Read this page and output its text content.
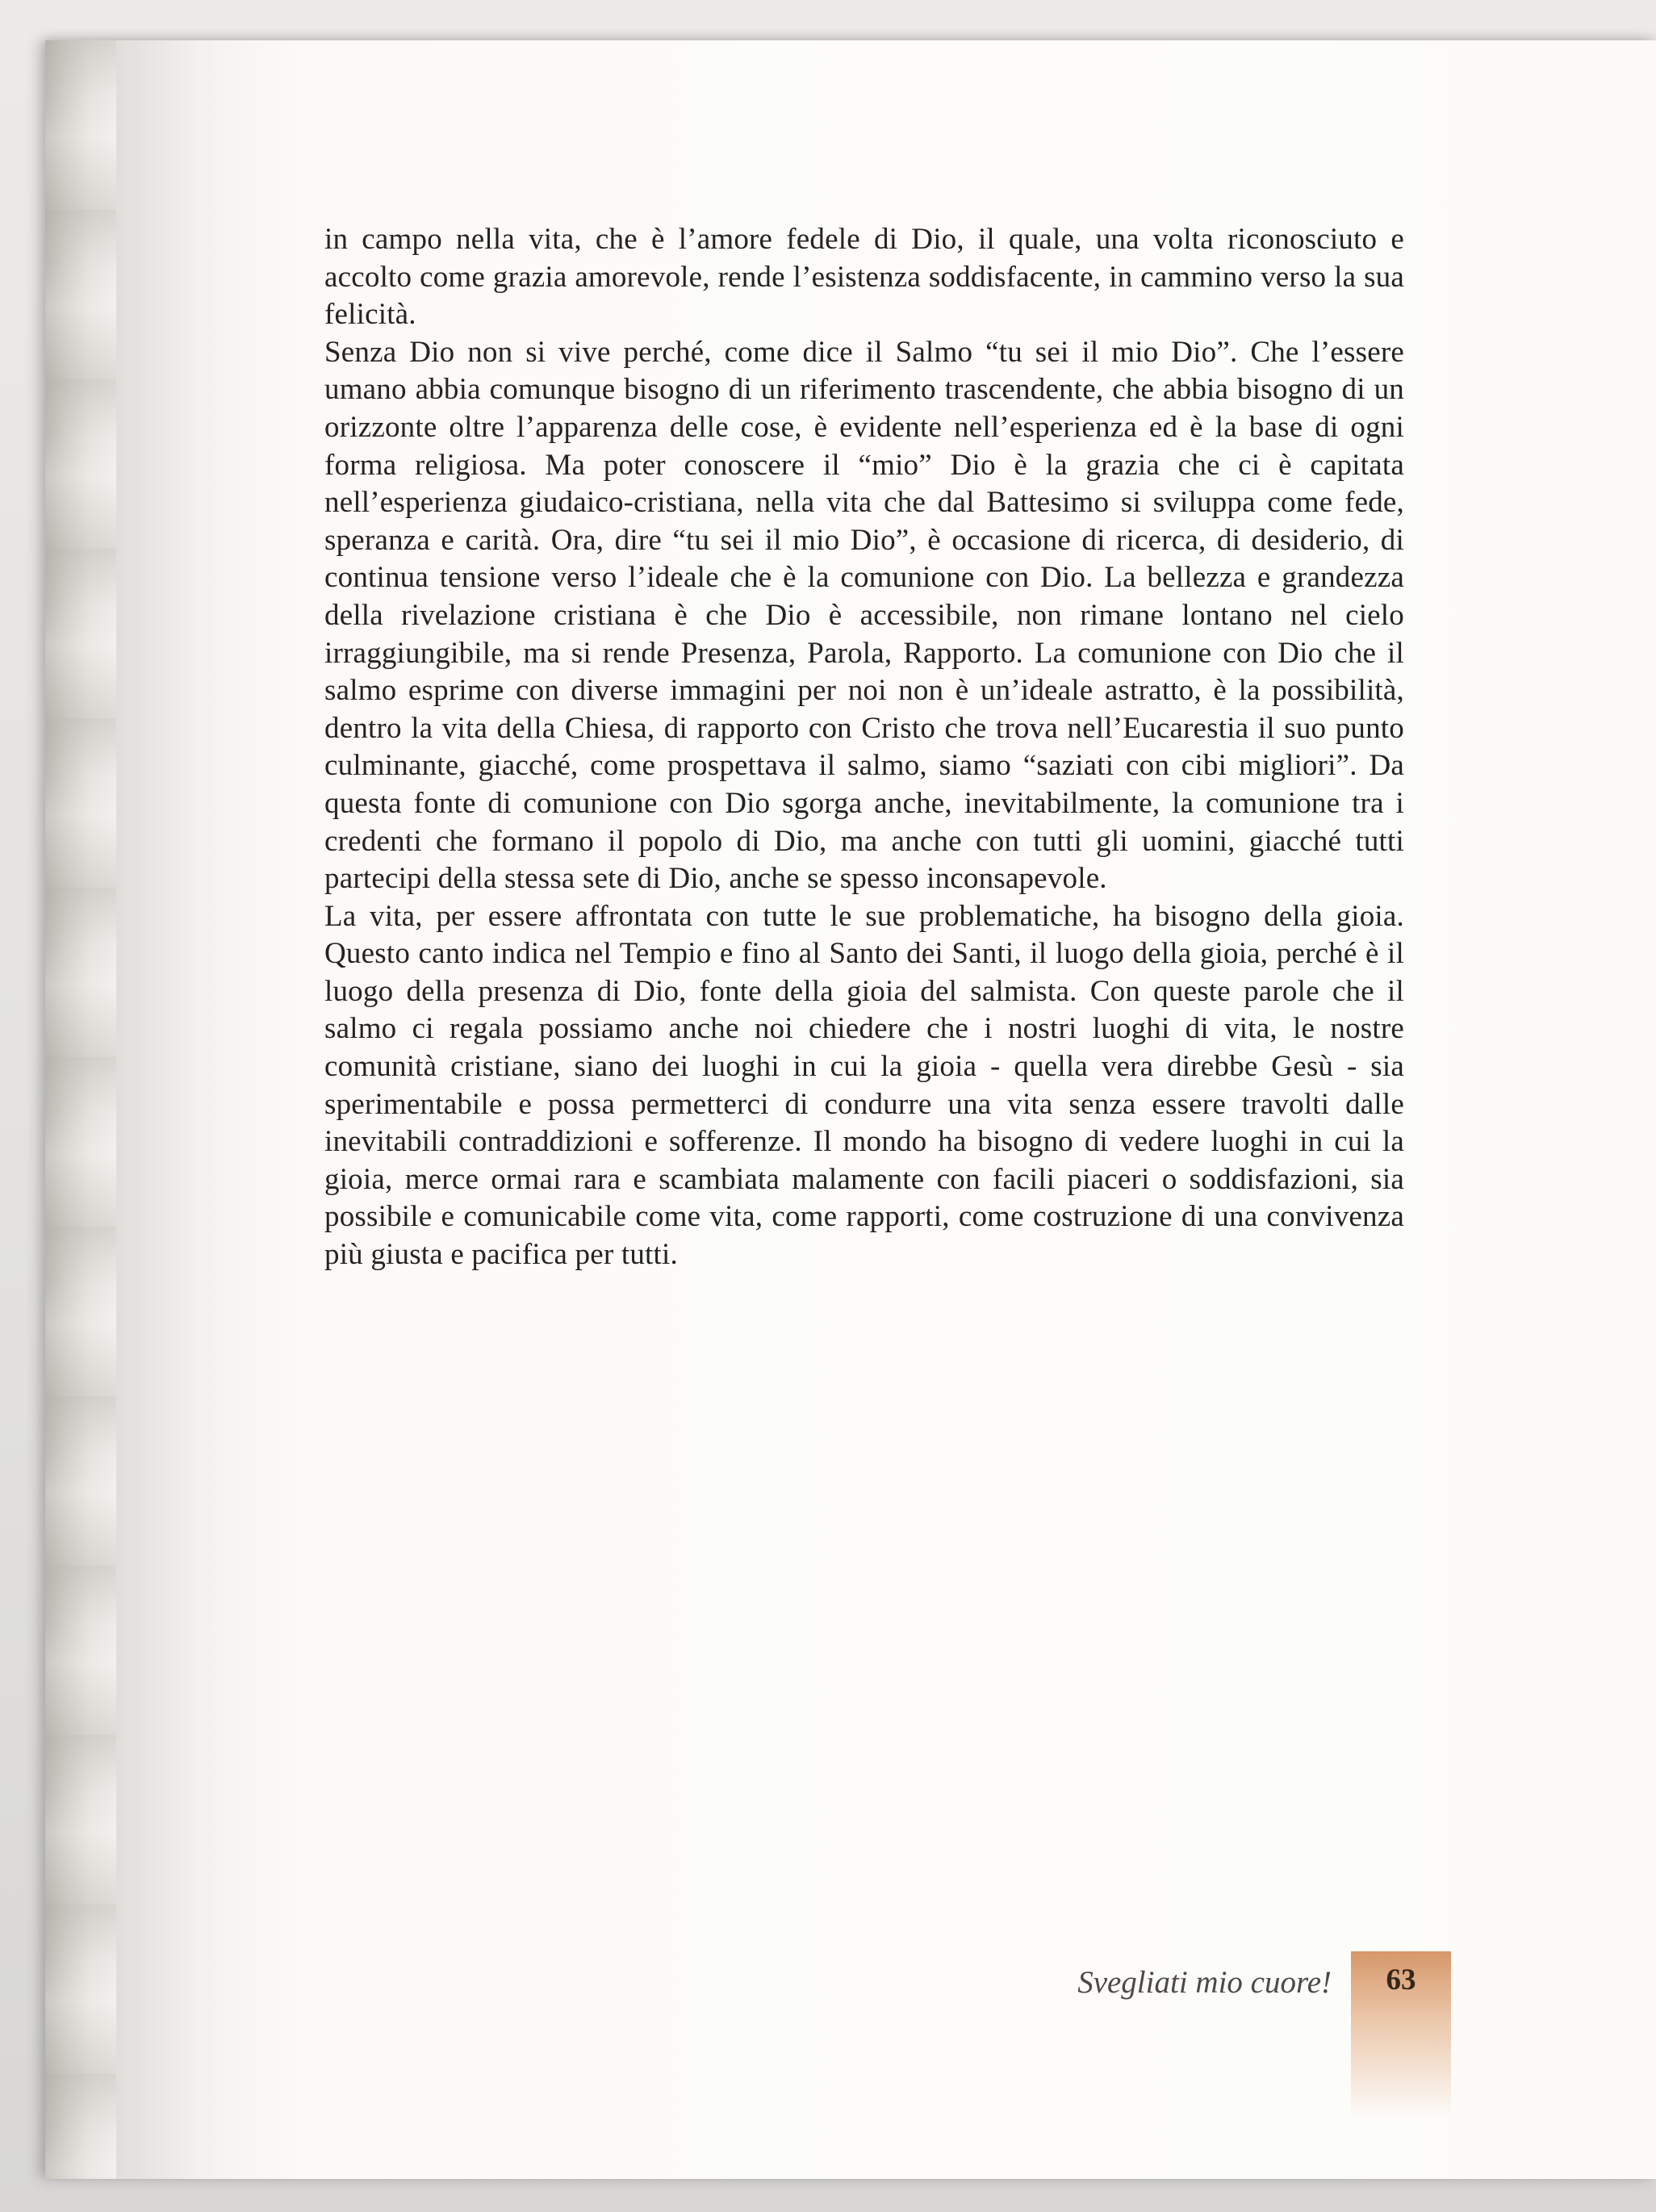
in campo nella vita, che è l’amore fedele di Dio, il quale, una volta riconosciuto e accolto come grazia amorevole, rende l’esistenza soddisfacente, in cammino verso la sua felicità.

Senza Dio non si vive perché, come dice il Salmo “tu sei il mio Dio”. Che l’essere umano abbia comunque bisogno di un riferimento trascendente, che abbia bisogno di un orizzonte oltre l’apparenza delle cose, è evidente nell’esperienza ed è la base di ogni forma religiosa. Ma poter conoscere il “mio” Dio è la grazia che ci è capitata nell’esperienza giudaico-cristiana, nella vita che dal Battesimo si sviluppa come fede, speranza e carità. Ora, dire “tu sei il mio Dio”, è occasione di ricerca, di desiderio, di continua tensione verso l’ideale che è la comunione con Dio. La bellezza e grandezza della rivelazione cristiana è che Dio è accessibile, non rimane lontano nel cielo irraggiungibile, ma si rende Presenza, Parola, Rapporto. La comunione con Dio che il salmo esprime con diverse immagini per noi non è un’ideale astratto, è la possibilità, dentro la vita della Chiesa, di rapporto con Cristo che trova nell’Eucarestia il suo punto culminante, giacché, come prospettava il salmo, siamo “saziati con cibi migliori”. Da questa fonte di comunione con Dio sgorga anche, inevitabilmente, la comunione tra i credenti che formano il popolo di Dio, ma anche con tutti gli uomini, giacché tutti partecipi della stessa sete di Dio, anche se spesso inconsapevole.

La vita, per essere affrontata con tutte le sue problematiche, ha bisogno della gioia. Questo canto indica nel Tempio e fino al Santo dei Santi, il luogo della gioia, perché è il luogo della presenza di Dio, fonte della gioia del salmista. Con queste parole che il salmo ci regala possiamo anche noi chiedere che i nostri luoghi di vita, le nostre comunità cristiane, siano dei luoghi in cui la gioia - quella vera direbbe Gesù - sia sperimentabile e possa permetterci di condurre una vita senza essere travolti dalle inevitabili contraddizioni e sofferenze. Il mondo ha bisogno di vedere luoghi in cui la gioia, merce ormai rara e scambiata malamente con facili piaceri o soddisfazioni, sia possibile e comunicabile come vita, come rapporti, come costruzione di una convivenza più giusta e pacifica per tutti.

Svegliati mio cuore!	63
